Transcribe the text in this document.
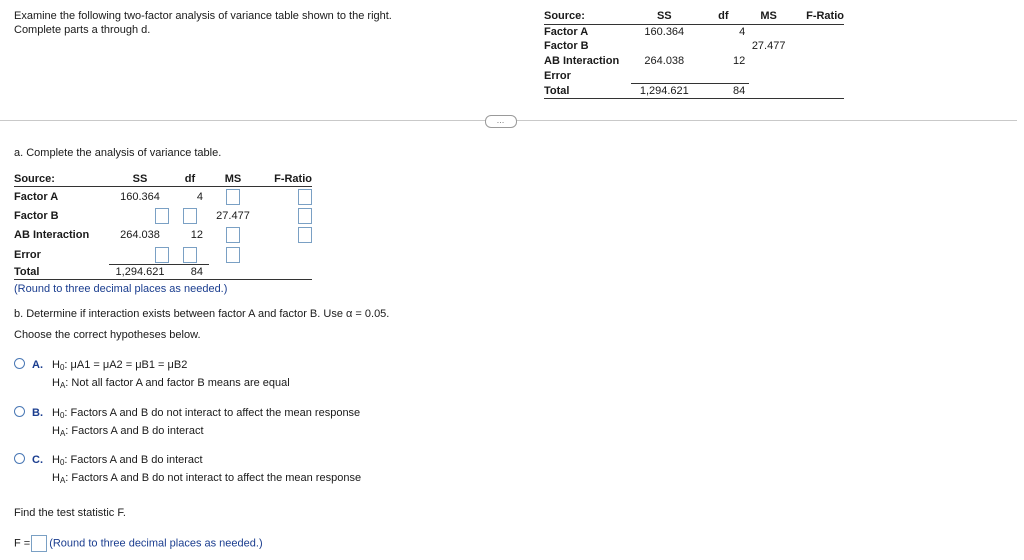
Examine the following two-factor analysis of variance table shown to the right. Complete parts a through d.
Source:	SS	df	MS	F-Ratio
Factor A	160.364	4		
Factor B			27.477	
AB Interaction	264.038	12		
Error				
Total	1,294.621	84		
…
a. Complete the analysis of variance table.
Source:	SS	df	MS	F-Ratio
Factor A	160.364	4		
Factor B			27.477	
AB Interaction	264.038	12		
Error				
Total	1,294.621	84		
(Round to three decimal places as needed.)
b. Determine if interaction exists between factor A and factor B. Use α = 0.05.
Choose the correct hypotheses below.
A. $H_0$: μA1 = μA2 = μB1 = μB2
$H_A$: Not all factor A and factor B means are equal
B. $H_0$: Factors A and B do not interact to affect the mean response
$H_A$: Factors A and B do interact
C. $H_0$: Factors A and B do interact
$H_A$: Factors A and B do not interact to affect the mean response
Find the test statistic F.
F = (Round to three decimal places as needed.)
